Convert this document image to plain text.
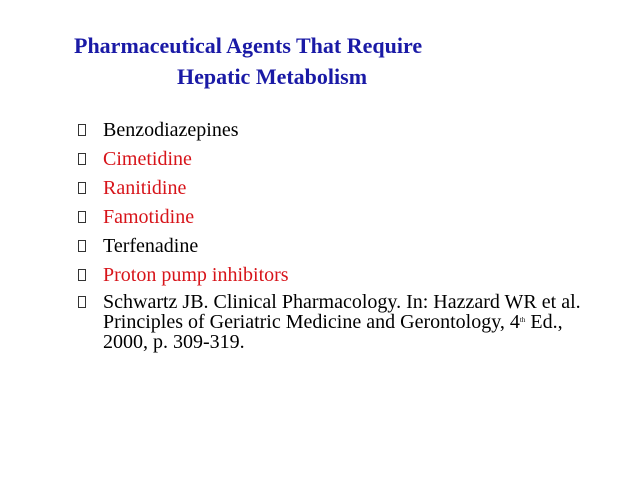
Pharmaceutical Agents That Require
Hepatic Metabolism
Benzodiazepines
Cimetidine
Ranitidine
Famotidine
Terfenadine
Proton pump inhibitors
Schwartz JB. Clinical Pharmacology. In: Hazzard WR et al. Principles of Geriatric Medicine and Gerontology, 4th Ed., 2000, p. 309-319.
